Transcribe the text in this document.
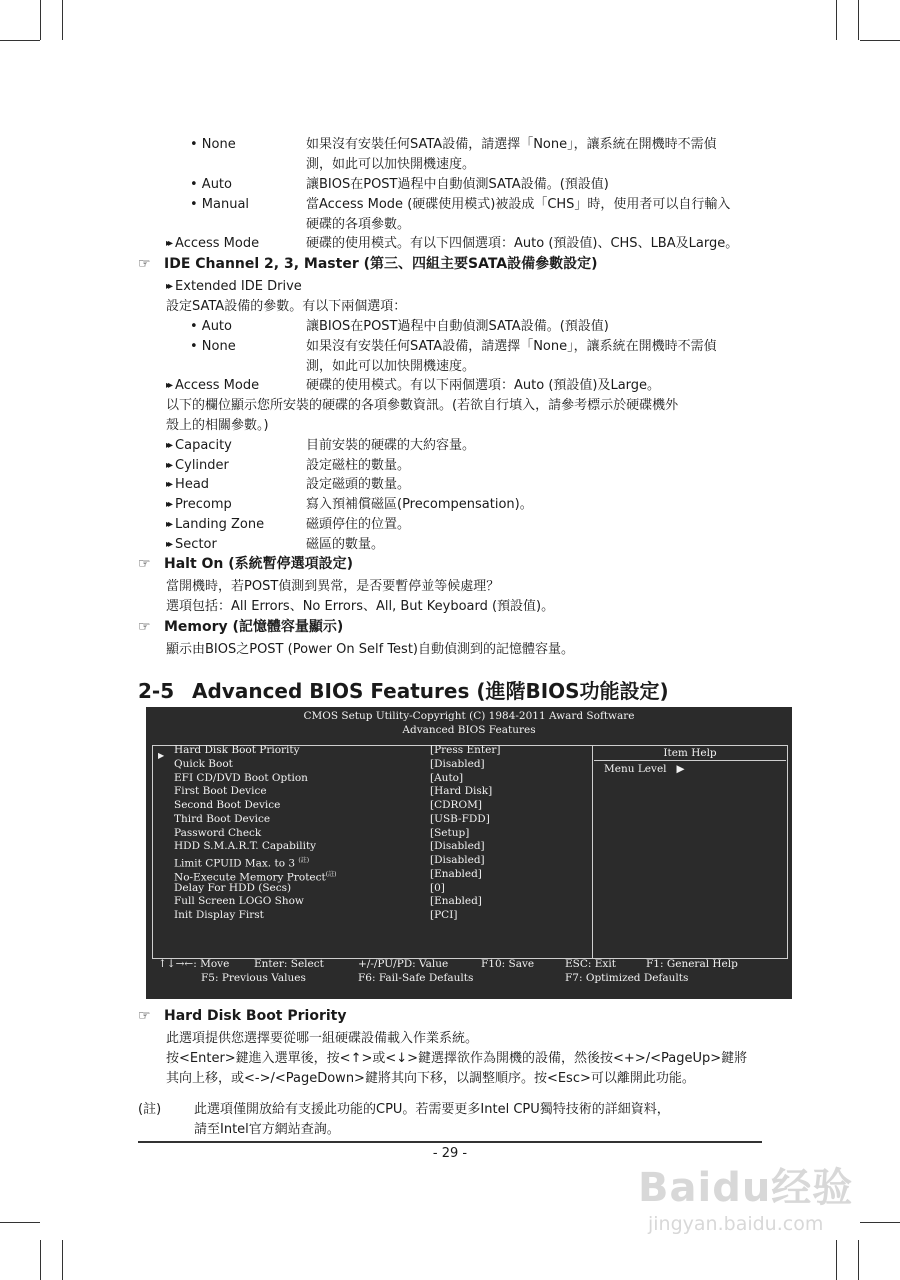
• None	如果沒有安裝任何SATA設備，請選擇「None」，讓系統在開機時不需偵
測，如此可以加快開機速度。
• Auto	讓BIOS在POST過程中自動偵測SATA設備。(預設值)
• Manual	當Access Mode (硬碟使用模式)被設成「CHS」時，使用者可以自行輸入
硬碟的各項參數。
▸▸ Access Mode	硬碟的使用模式。有以下四個選項：Auto (預設值)、CHS、LBA及Large。
☞ IDE Channel 2, 3, Master (第三、四組主要SATA設備參數設定)
▸▸ Extended IDE Drive
設定SATA設備的參數。有以下兩個選項：
• Auto	讓BIOS在POST過程中自動偵測SATA設備。(預設值)
• None	如果沒有安裝任何SATA設備，請選擇「None」，讓系統在開機時不需偵
測，如此可以加快開機速度。
▸▸ Access Mode	硬碟的使用模式。有以下兩個選項：Auto (預設值)及Large。
以下的欄位顯示您所安裝的硬碟的各項參數資訊。(若欲自行填入，請參考標示於硬碟機外
殼上的相關參數。)
▸▸ Capacity	目前安裝的硬碟的大約容量。
▸▸ Cylinder	設定磁柱的數量。
▸▸ Head	設定磁頭的數量。
▸▸ Precomp	寫入預補償磁區(Precompensation)。
▸▸ Landing Zone	磁頭停住的位置。
▸▸ Sector	磁區的數量。
☞ Halt On (系統暫停選項設定)
當開機時，若POST偵測到異常，是否要暫停並等候處理？
選項包括：All Errors、No Errors、All, But Keyboard (預設值)。
☞ Memory (記憶體容量顯示)
顯示由BIOS之POST (Power On Self Test)自動偵測到的記憶體容量。
2-5 Advanced BIOS Features (進階BIOS功能設定)
CMOS Setup Utility-Copyright (C) 1984-2011 Award Software
Advanced BIOS Features
Item Help
Menu Level ▶
▶ Hard Disk Boot Priority	[Press Enter]
Quick Boot	[Disabled]
EFI CD/DVD Boot Option	[Auto]
First Boot Device	[Hard Disk]
Second Boot Device	[CDROM]
Third Boot Device	[USB-FDD]
Password Check	[Setup]
HDD S.M.A.R.T. Capability	[Disabled]
Limit CPUID Max. to 3 $^{(註)}$	[Disabled]
No-Execute Memory Protect$^{(註)}$	[Enabled]
Delay For HDD (Secs)	[0]
Full Screen LOGO Show	[Enabled]
Init Display First	[PCI]
↑↓→←: Move Enter: Select	+/-/PU/PD: Value	F10: Save	ESC: Exit	F1: General Help
F5: Previous Values	F6: Fail-Safe Defaults	F7: Optimized Defaults
☞ Hard Disk Boot Priority
此選項提供您選擇要從哪一組硬碟設備載入作業系統。
按<Enter>鍵進入選單後，按<↑>或<↓>鍵選擇欲作為開機的設備，然後按<+>/<PageUp>鍵將
其向上移，或<->/<PageDown>鍵將其向下移，以調整順序。按<Esc>可以離開此功能。
(註)	此選項僅開放給有支援此功能的CPU。若需要更多Intel CPU獨特技術的詳細資料，
請至Intel官方網站查詢。
- 29 -
Baidu经验
jingyan.baidu.com
